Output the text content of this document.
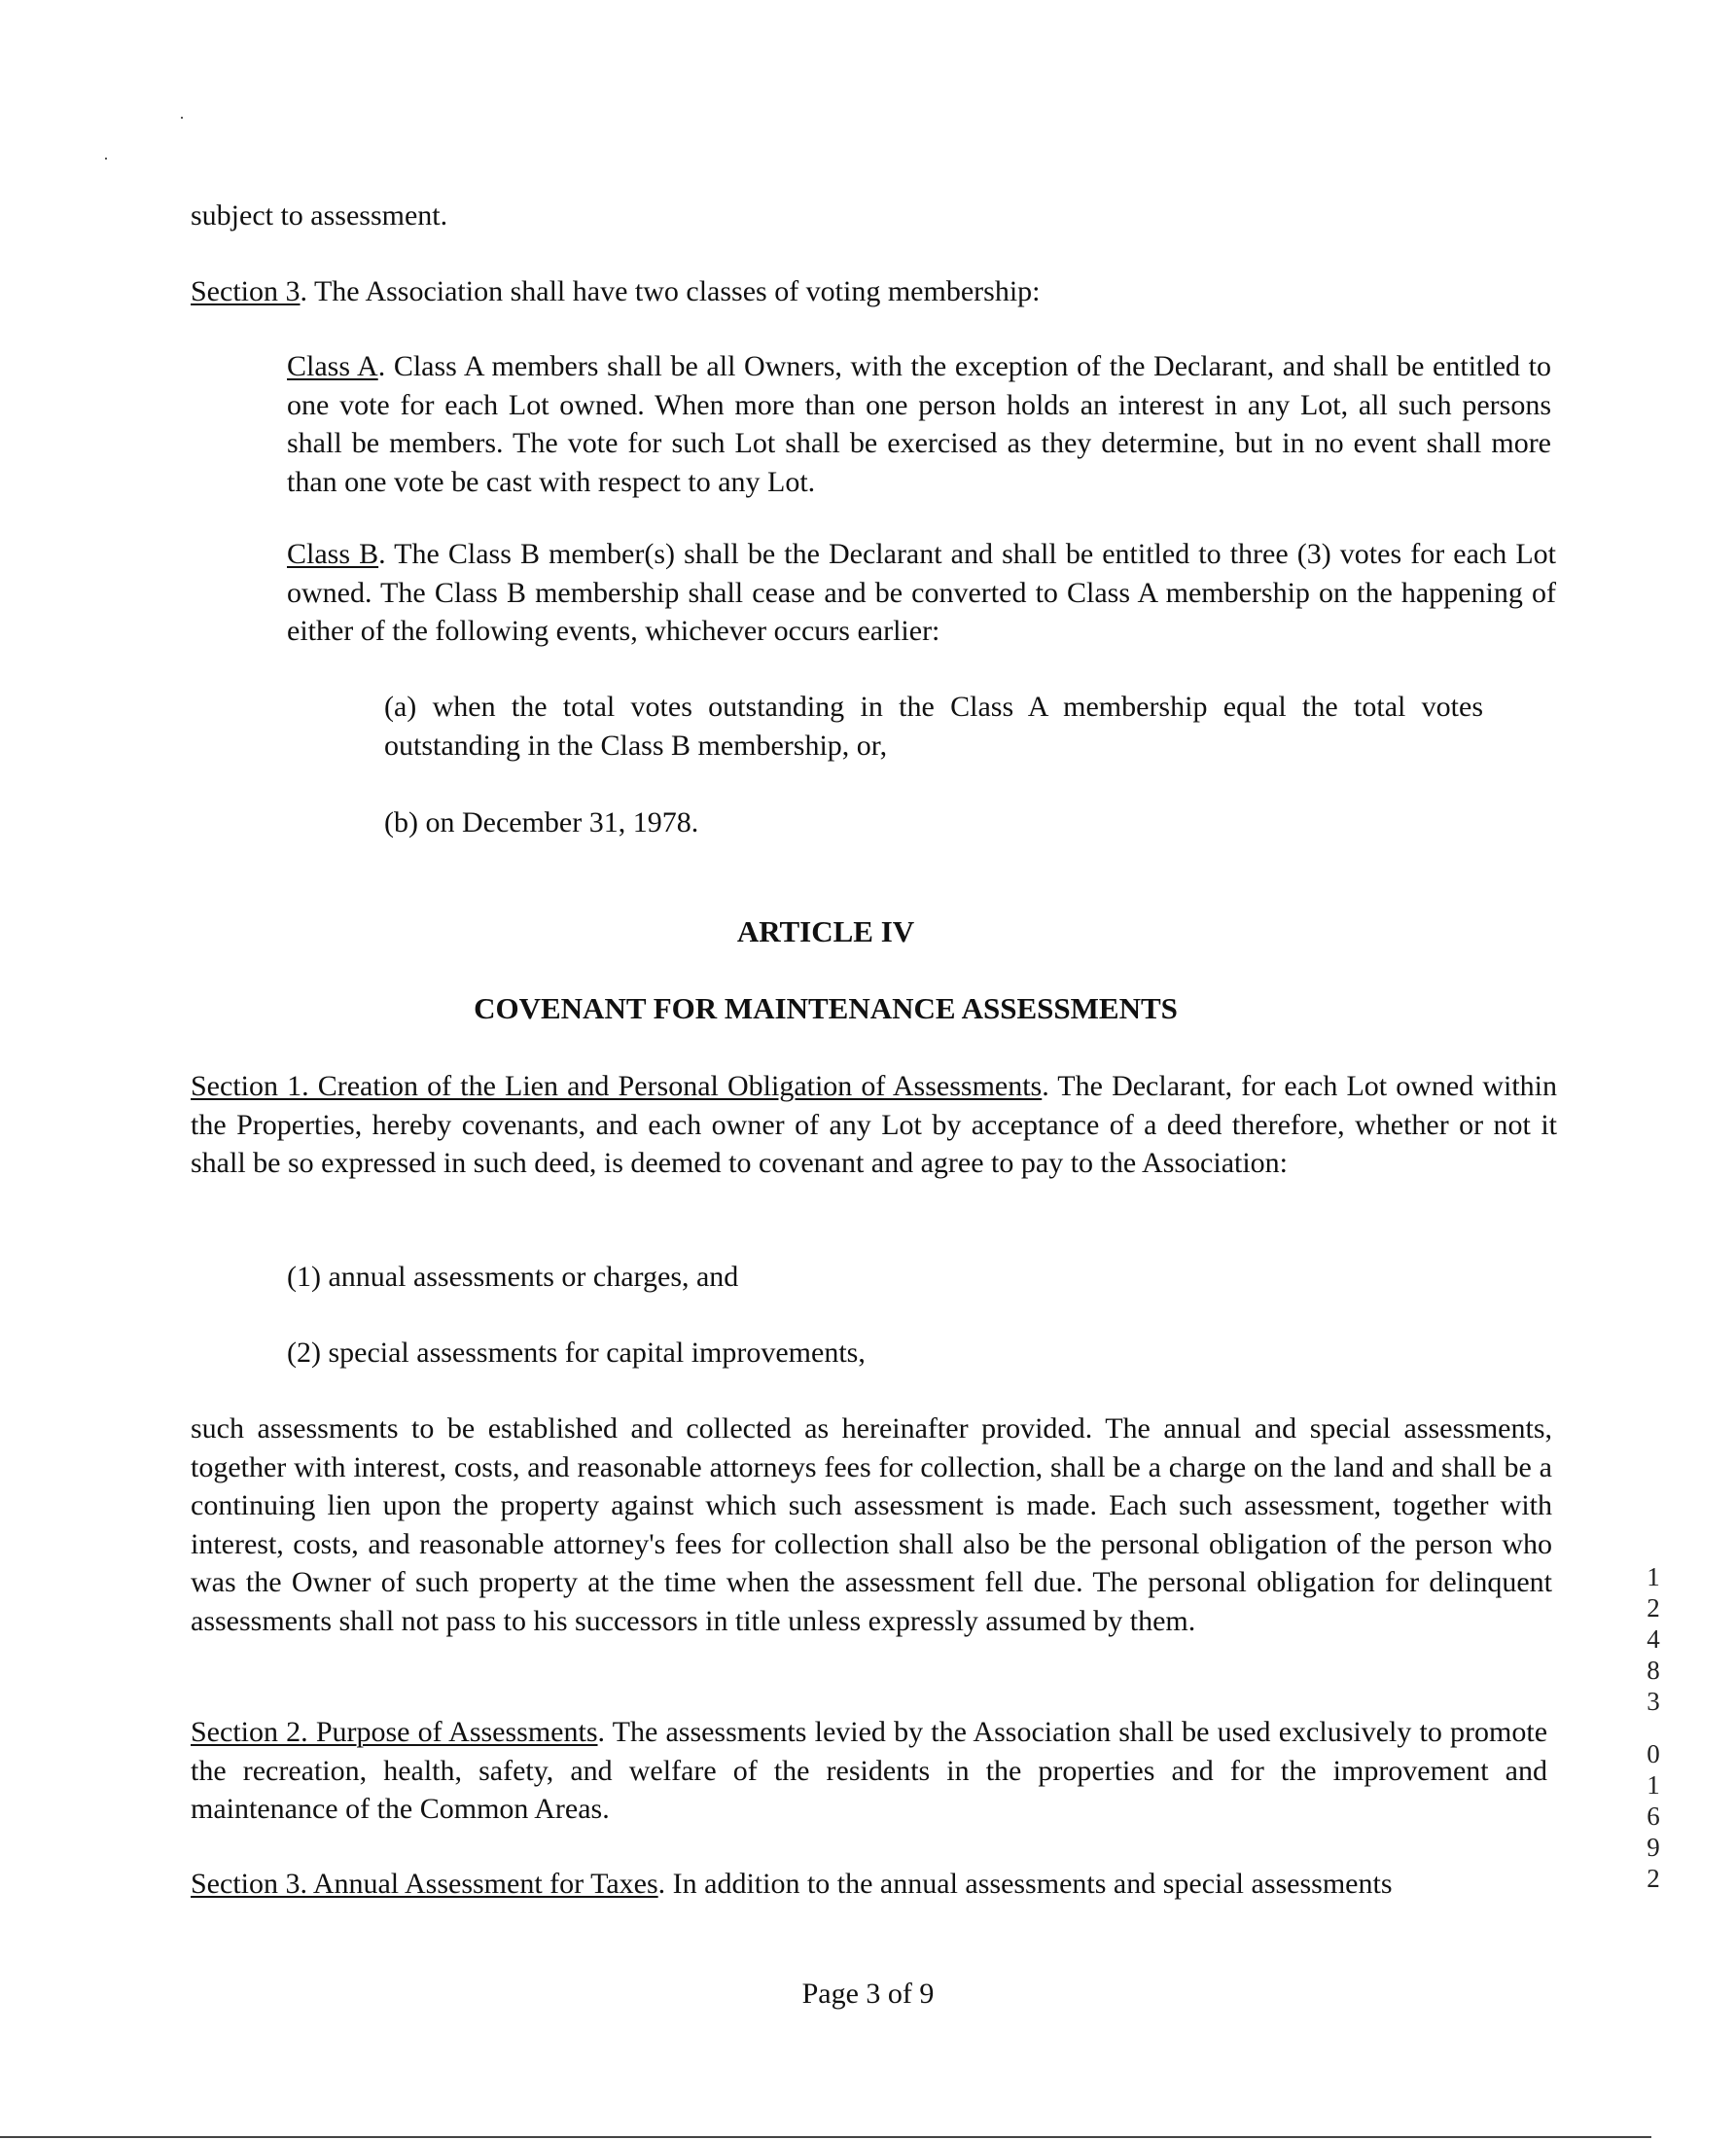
subject to assessment.

Section 3. The Association shall have two classes of voting membership:

Class A. Class A members shall be all Owners, with the exception of the Declarant, and shall be entitled to one vote for each Lot owned. When more than one person holds an interest in any Lot, all such persons shall be members. The vote for such Lot shall be exercised as they determine, but in no event shall more than one vote be cast with respect to any Lot.

Class B. The Class B member(s) shall be the Declarant and shall be entitled to three (3) votes for each Lot owned. The Class B membership shall cease and be converted to Class A membership on the happening of either of the following events, whichever occurs earlier:

(a) when the total votes outstanding in the Class A membership equal the total votes outstanding in the Class B membership, or,

(b) on December 31, 1978.

ARTICLE IV
COVENANT FOR MAINTENANCE ASSESSMENTS

Section 1. Creation of the Lien and Personal Obligation of Assessments. The Declarant, for each Lot owned within the Properties, hereby covenants, and each owner of any Lot by acceptance of a deed therefore, whether or not it shall be so expressed in such deed, is deemed to covenant and agree to pay to the Association:

(1) annual assessments or charges, and

(2) special assessments for capital improvements,

such assessments to be established and collected as hereinafter provided. The annual and special assessments, together with interest, costs, and reasonable attorneys fees for collection, shall be a charge on the land and shall be a continuing lien upon the property against which such assessment is made. Each such assessment, together with interest, costs, and reasonable attorney's fees for collection shall also be the personal obligation of the person who was the Owner of such property at the time when the assessment fell due. The personal obligation for delinquent assessments shall not pass to his successors in title unless expressly assumed by them.

Section 2. Purpose of Assessments. The assessments levied by the Association shall be used exclusively to promote the recreation, health, safety, and welfare of the residents in the properties and for the improvement and maintenance of the Common Areas.

Section 3. Annual Assessment for Taxes. In addition to the annual assessments and special assessments

Page 3 of 9

1
2
4
8
3
0
1
6
9
2
